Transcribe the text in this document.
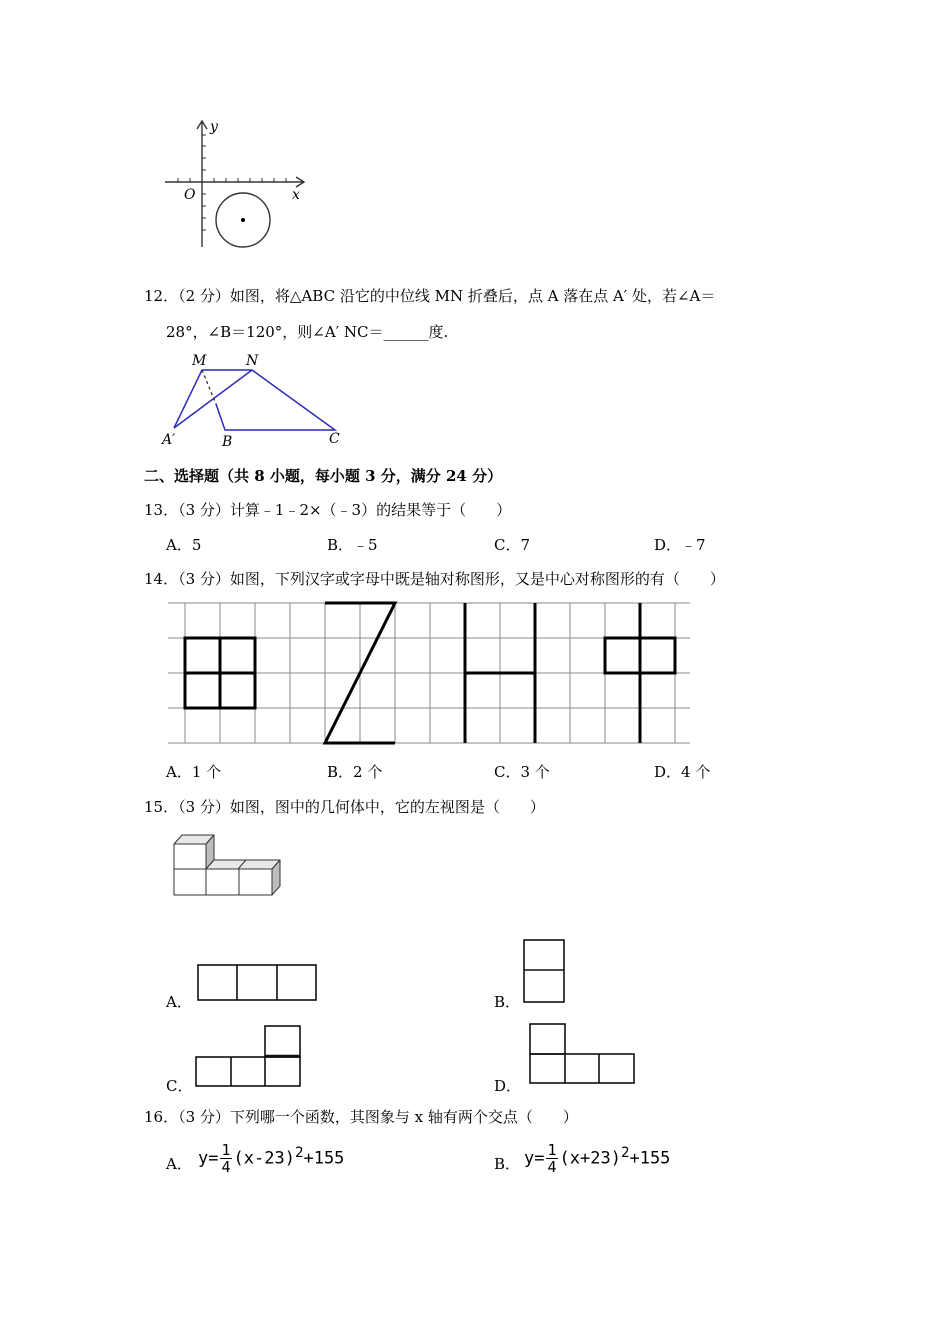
y
x
O
12．（2 分）如图，将△ABC 沿它的中位线 MN 折叠后，点 A 落在点 A′ 处，若∠A＝
28°，∠B＝120°，则∠A′ NC＝______度.
M	N
A′	B	C
二、选择题（共 8 小题，每小题 3 分，满分 24 分）
13．（3 分）计算﹣1﹣2×（﹣3）的结果等于（　　）
A．5	B．﹣5	C．7	D．﹣7
14．（3 分）如图，下列汉字或字母中既是轴对称图形，又是中心对称图形的有（　　）
A．1 个	B．2 个	C．3 个	D．4 个
15．（3 分）如图，图中的几何体中，它的左视图是（　　）
A．	B．
C．	D．
16．（3 分）下列哪一个函数，其图象与 x 轴有两个交点（　　）
A． $y= \frac{1}{4} (x-23)^2+155$	B． $y= \frac{1}{4} (x+23)^2+155$
